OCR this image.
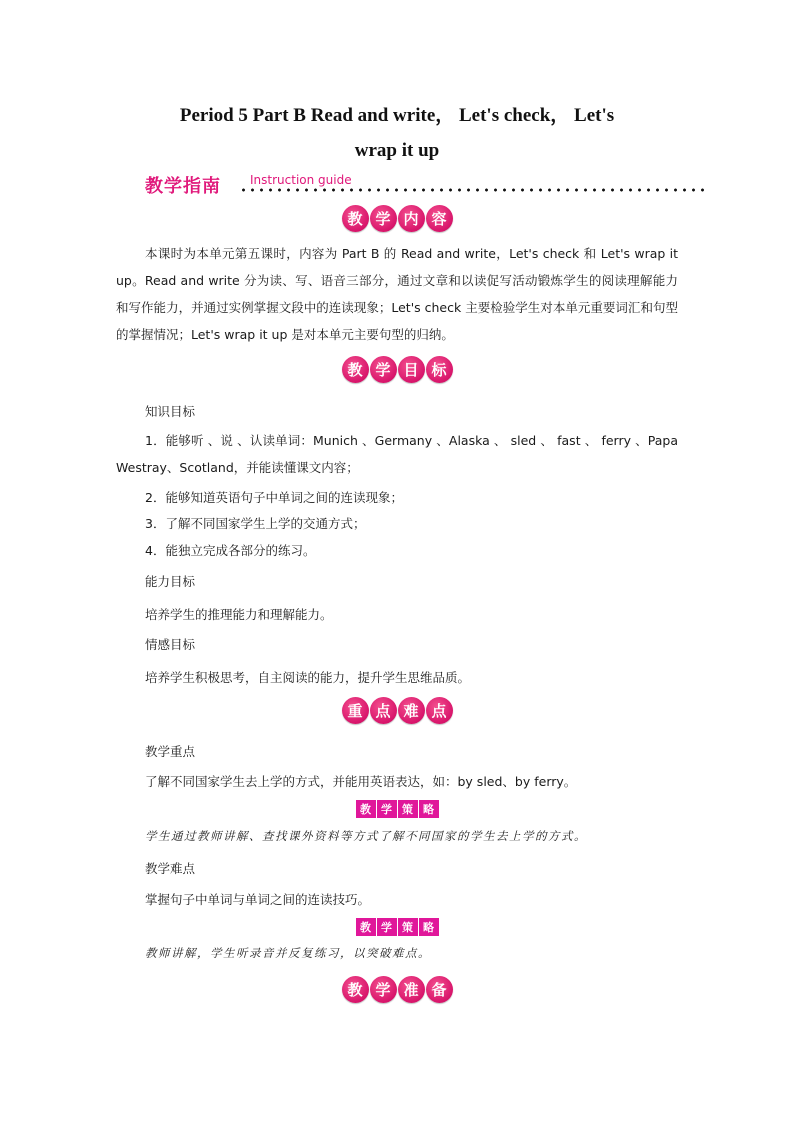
Period 5 Part B Read and write， Let's check， Let's
wrap it up
教学指南 Instruction guide
教 学 内 容

本课时为本单元第五课时，内容为 Part B 的 Read and write，Let's check 和 Let's wrap it up。Read and write 分为读、写、语音三部分，通过文章和以读促写活动锻炼学生的阅读理解能力和写作能力，并通过实例掌握文段中的连读现象；Let's check 主要检验学生对本单元重要词汇和句型的掌握情况；Let's wrap it up 是对本单元主要句型的归纳。

教 学 目 标
知识目标

1．能够听 、说 、认读单词：Munich 、Germany 、Alaska 、 sled 、 fast 、 ferry 、Papa Westray、Scotland，并能读懂课文内容；

2．能够知道英语句子中单词之间的连读现象；
3．了解不同国家学生上学的交通方式；
4．能独立完成各部分的练习。
能力目标
培养学生的推理能力和理解能力。
情感目标
培养学生积极思考，自主阅读的能力，提升学生思维品质。
重 点 难 点
教学重点
了解不同国家学生去上学的方式，并能用英语表达，如：by sled、by ferry。
教 学 策 略
学生通过教师讲解、查找课外资料等方式了解不同国家的学生去上学的方式。
教学难点
掌握句子中单词与单词之间的连读技巧。
教 学 策 略
教师讲解，学生听录音并反复练习，以突破难点。
教 学 准 备
